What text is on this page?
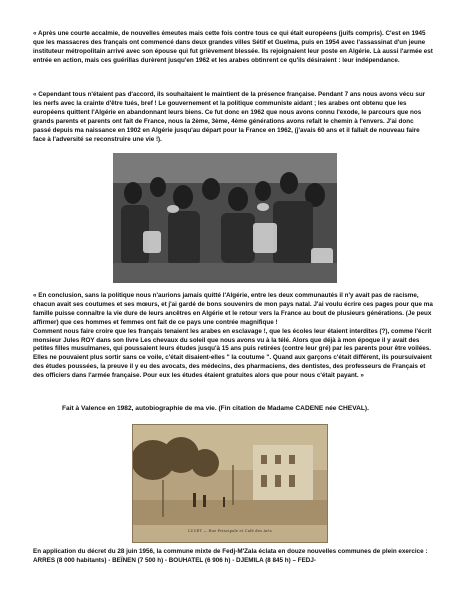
« Après une courte accalmie, de nouvelles émeutes mais cette fois contre tous ce qui était européens (juifs compris). C'est en 1945 que les massacres des français ont commencé dans deux grandes villes Sétif et Guelma, puis en 1954 avec l'assassinat d'un jeune instituteur métropolitain arrivé avec son épouse qui fut grièvement blessée. Ils rejoignaient leur poste en Algérie. Là aussi l'armée est entrée en action, mais ces guérillas durèrent jusqu'en 1962 et les arabes obtinrent ce qu'ils désiraient : leur indépendance.

« Cependant tous n'étaient pas d'accord, ils souhaitaient le maintient de la présence française. Pendant 7 ans nous avons vécu sur les nerfs avec la crainte d'être tués, bref ! Le gouvernement et la politique communiste aidant ; les arabes ont obtenu que les européens quittent l'Algérie en abandonnant leurs biens. Ce fut donc en 1962 que nous avons connu l'exode, le parcours que nos grands parents et parents ont fait de France, nous la 2ème, 3ème, 4ème générations avons refait le chemin à l'envers. J'ai donc passé depuis ma naissance en 1902 en Algérie jusqu'au départ pour la France en 1962, (j'avais 60 ans et il fallait de nouveau faire face à l'adversité se reconstruire une vie !).

« En conclusion, sans la politique nous n'aurions jamais quitté l'Algérie, entre les deux communautés il n'y avait pas de racisme, chacun avait ses coutumes et ses mœurs, et j'ai gardé de bons souvenirs de mon pays natal. J'ai voulu écrire ces pages pour que ma famille puisse connaître la vie dure de leurs ancêtres en Algérie et le retour vers la France au bout de plusieurs générations. (Je peux affirmer) que ces hommes et femmes ont fait de ce pays une contrée magnifique !
Comment nous faire croire que les français tenaient les arabes en esclavage !, que les écoles leur étaient interdites (?), comme l'écrit monsieur Jules ROY dans son livre Les chevaux du soleil que nous avons vu à la télé. Alors que déjà à mon époque il y avait des petites filles musulmanes, qui poussaient leurs études jusqu'à 15 ans puis retirées (contre leur gré) par les parents pour être voilées. Elles ne pouvaient plus sortir sans ce voile, c'était disaient-elles " la coutume ". Quand aux garçons c'était différent, ils poursuivaient des études poussées, la preuve il y eu des avocats, des médecins, des pharmaciens, des dentistes, des professeurs de Français et des officiers dans l'armée française. Pour eux les études étaient gratuites alors que pour nous c'était payant. »

Fait à Valence en 1982, autobiographie de ma vie. (Fin citation de Madame CADENE née CHEVAL).

LUCET — Rue Principale et Café des Arts

En application du décret du 28 juin 1956, la commune mixte de Fedj-M'Zala éclata en douze nouvelles communes de plein exercice : ARRES (8 000 habitants) - BEÏNEN (7 500 h) - BOUHATEL (6 906 h) - DJEMILA (8 845 h) – FEDJ-
